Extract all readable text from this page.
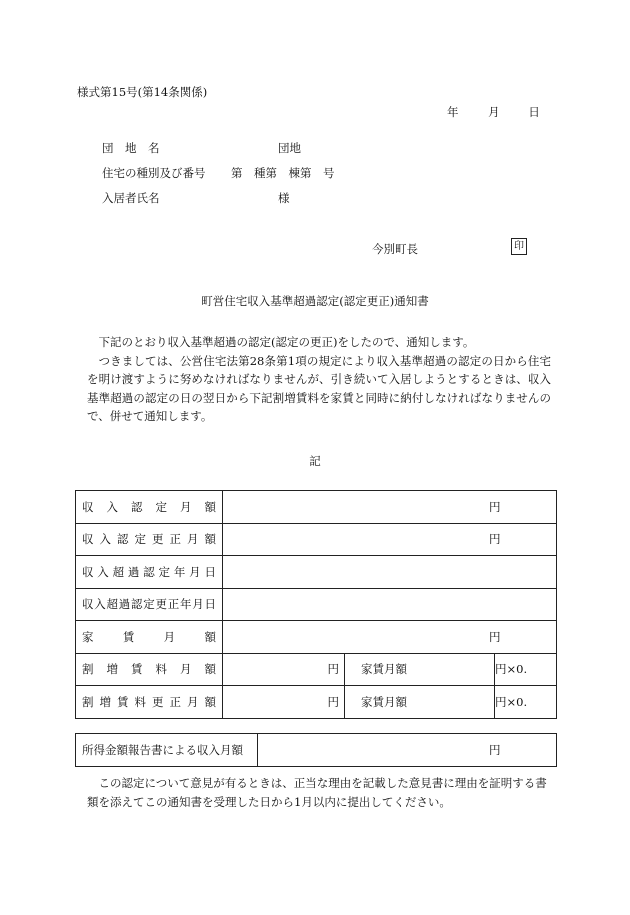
様式第15号(第14条関係)
年	月 日
団　地　名	団地
住宅の種別及び番号 第　種第　棟第　号
入居者氏名	様
今別町長	印
町営住宅収入基準超過認定(認定更正)通知書

下記のとおり収入基準超過の認定(認定の更正)をしたので、通知します。

つきましては、公営住宅法第28条第1項の規定により収入基準超過の認定の日から住宅を明け渡すように努めなければなりませんが、引き続いて入居しようとするときは、収入基準超過の認定の日の翌日から下記割増賃料を家賃と同時に納付しなければなりませんので、併せて通知します。

記
収入認定月額	円		
収入認定更正月額	円		
収入超過認定年月日			
収入超過認定更正年月日			
家賃月額	円		
割増賃料月額	円	家賃月額	円×0.
割増賃料更正月額	円	家賃月額	円×0.
所得金額報告書による収入月額	円

この認定について意見が有るときは、正当な理由を記載した意見書に理由を証明する書類を添えてこの通知書を受理した日から1月以内に提出してください。
